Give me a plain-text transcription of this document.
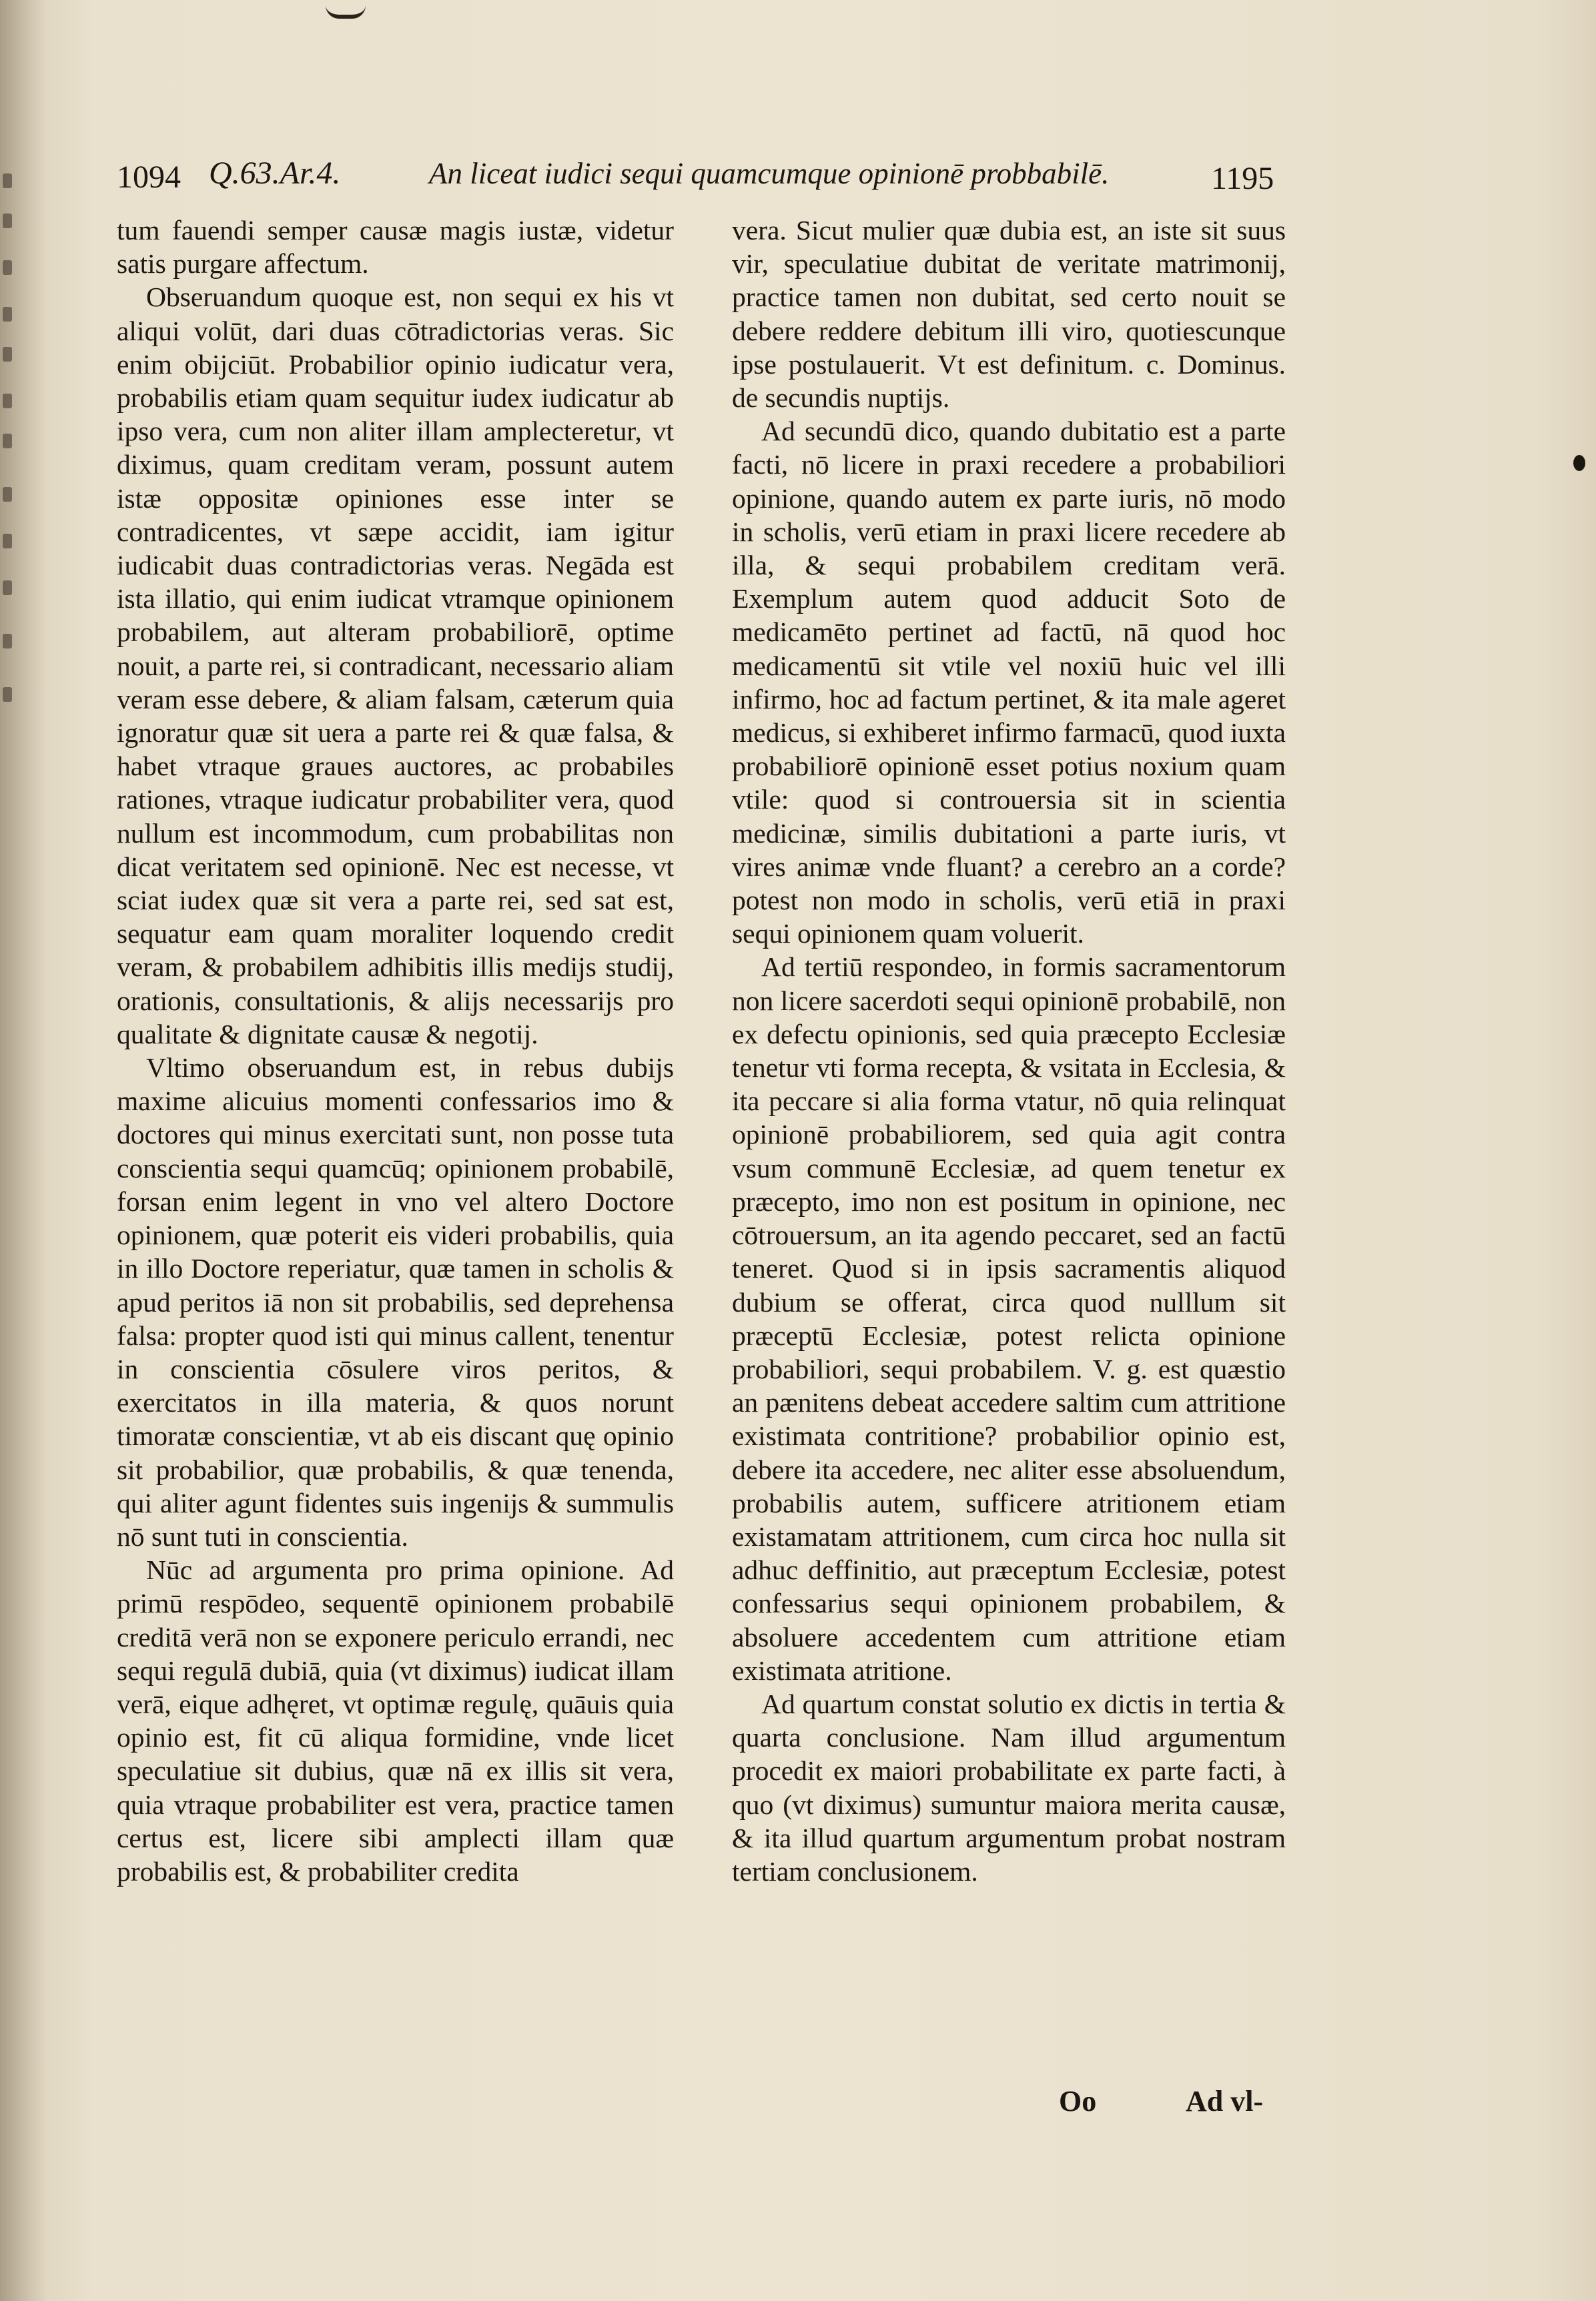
1094 Q.63.Ar.4.	An liceat iudici sequi quamcumque opinionē probbabilē.	1195

tum fauendi semper causæ magis iustæ, videtur satis purgare affectum.

Obseruandum quoque est, non sequi ex his vt aliqui volūt, dari duas cōtradictorias veras. Sic enim obijciūt. Probabilior opinio iudicatur vera, probabilis etiam quam sequitur iudex iudicatur ab ipso vera, cum non aliter illam amplecteretur, vt diximus, quam creditam veram, possunt autem istæ oppositæ opiniones esse inter se contradicentes, vt sæpe accidit, iam igitur iudicabit duas contradictorias veras. Negāda est ista illatio, qui enim iudicat vtramque opinionem probabilem, aut alteram probabiliorē, optime nouit, a parte rei, si contradicant, necessario aliam veram esse debere, & aliam falsam, cæterum quia ignoratur quæ sit uera a parte rei & quæ falsa, & habet vtraque graues auctores, ac probabiles rationes, vtraque iudicatur probabiliter vera, quod nullum est incommodum, cum probabilitas non dicat veritatem sed opinionē. Nec est necesse, vt sciat iudex quæ sit vera a parte rei, sed sat est, sequatur eam quam moraliter loquendo credit veram, & probabilem adhibitis illis medijs studij, orationis, consultationis, & alijs necessarijs pro qualitate & dignitate causæ & negotij.

Vltimo obseruandum est, in rebus dubijs maxime alicuius momenti confessarios imo & doctores qui minus exercitati sunt, non posse tuta conscientia sequi quamcūq; opinionem probabilē, forsan enim legent in vno vel altero Doctore opinionem, quæ poterit eis videri probabilis, quia in illo Doctore reperiatur, quæ tamen in scholis & apud peritos iā non sit probabilis, sed deprehensa falsa: propter quod isti qui minus callent, tenentur in conscientia cōsulere viros peritos, & exercitatos in illa materia, & quos norunt timoratæ conscientiæ, vt ab eis discant quę opinio sit probabilior, quæ probabilis, & quæ tenenda, qui aliter agunt fidentes suis ingenijs & summulis nō sunt tuti in conscientia.

Nūc ad argumenta pro prima opinione. Ad primū respōdeo, sequentē opinionem probabilē creditā verā non se exponere periculo errandi, nec sequi regulā dubiā, quia (vt diximus) iudicat illam verā, eique adhęret, vt optimæ regulę, quāuis quia opinio est, fit cū aliqua formidine, vnde licet speculatiue sit dubius, quæ nā ex illis sit vera, quia vtraque probabiliter est vera, practice tamen certus est, licere sibi amplecti illam quæ probabilis est, & probabiliter credita

vera. Sicut mulier quæ dubia est, an iste sit suus vir, speculatiue dubitat de veritate matrimonij, practice tamen non dubitat, sed certo nouit se debere reddere debitum illi viro, quotiescunque ipse postulauerit. Vt est definitum. c. Dominus. de secundis nuptijs.

Ad secundū dico, quando dubitatio est a parte facti, nō licere in praxi recedere a probabiliori opinione, quando autem ex parte iuris, nō modo in scholis, verū etiam in praxi licere recedere ab illa, & sequi probabilem creditam verā. Exemplum autem quod adducit Soto de medicamēto pertinet ad factū, nā quod hoc medicamentū sit vtile vel noxiū huic vel illi infirmo, hoc ad factum pertinet, & ita male ageret medicus, si exhiberet infirmo farmacū, quod iuxta probabiliorē opinionē esset potius noxium quam vtile: quod si controuersia sit in scientia medicinæ, similis dubitationi a parte iuris, vt vires animæ vnde fluant? a cerebro an a corde? potest non modo in scholis, verū etiā in praxi sequi opinionem quam voluerit.

Ad tertiū respondeo, in formis sacramentorum non licere sacerdoti sequi opinionē probabilē, non ex defectu opinionis, sed quia præcepto Ecclesiæ tenetur vti forma recepta, & vsitata in Ecclesia, & ita peccare si alia forma vtatur, nō quia relinquat opinionē probabiliorem, sed quia agit contra vsum communē Ecclesiæ, ad quem tenetur ex præcepto, imo non est positum in opinione, nec cōtrouersum, an ita agendo peccaret, sed an factū teneret. Quod si in ipsis sacramentis aliquod dubium se offerat, circa quod nulllum sit præceptū Ecclesiæ, potest relicta opinione probabiliori, sequi probabilem. V. g. est quæstio an pænitens debeat accedere saltim cum attritione existimata contritione? probabilior opinio est, debere ita accedere, nec aliter esse absoluendum, probabilis autem, sufficere atritionem etiam existamatam attritionem, cum circa hoc nulla sit adhuc deffinitio, aut præceptum Ecclesiæ, potest confessarius sequi opinionem probabilem, & absoluere accedentem cum attritione etiam existimata atritione.

Ad quartum constat solutio ex dictis in tertia & quarta conclusione. Nam illud argumentum procedit ex maiori probabilitate ex parte facti, à quo (vt diximus) sumuntur maiora merita causæ, & ita illud quartum argumentum probat nostram tertiam conclusionem.

Oo	Ad vl-
